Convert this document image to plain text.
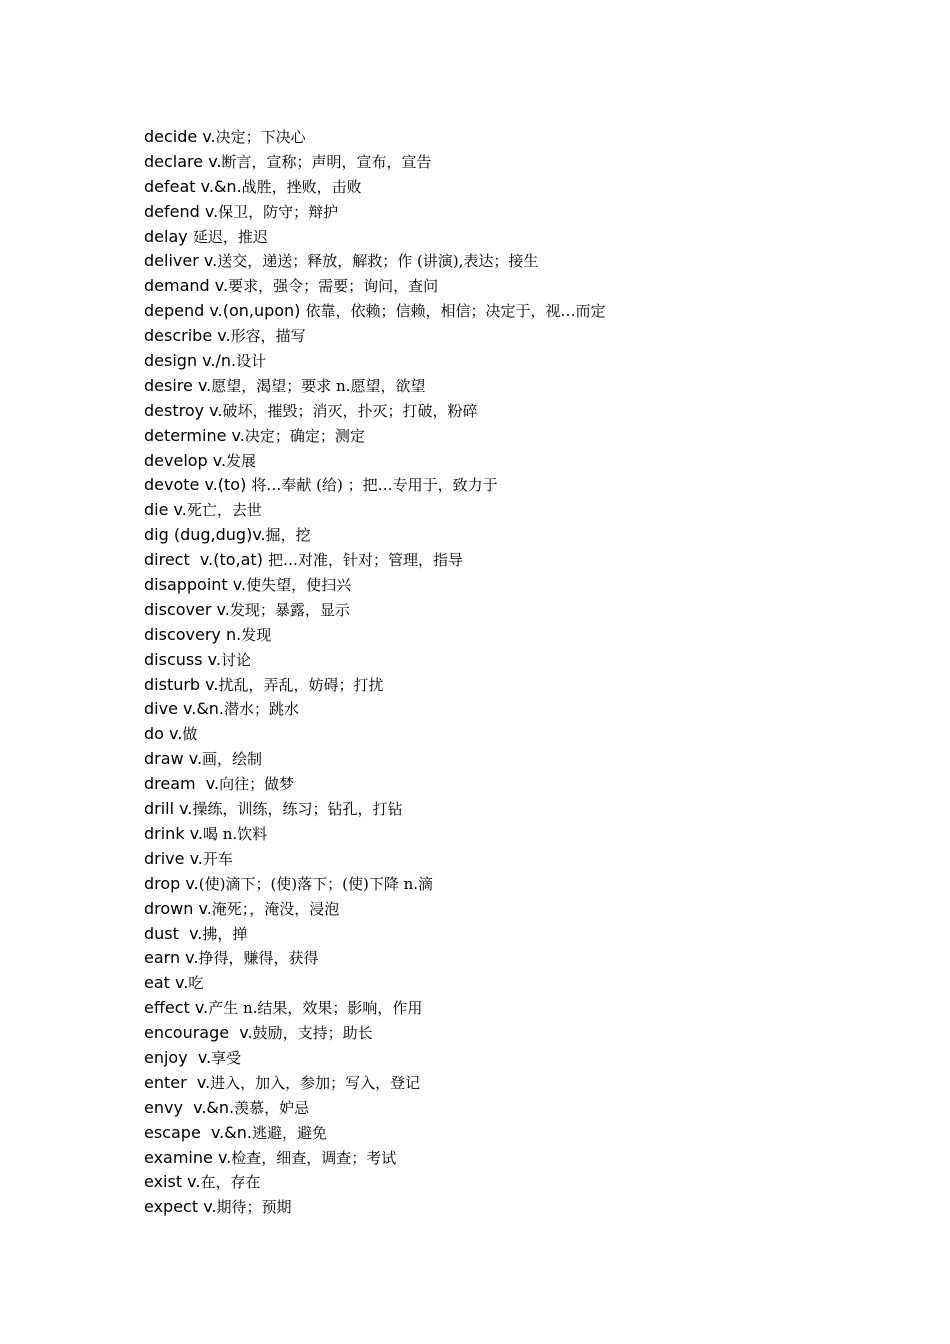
decide v.决定；下决心
declare v.断言，宣称；声明，宣布，宣告
defeat v.&n.战胜，挫败，击败
defend v.保卫，防守；辩护
delay 延迟，推迟
deliver v.送交，递送；释放，解救；作 (讲演),表达；接生
demand v.要求，强令；需要；询问，查问
depend v.(on,upon) 依靠，依赖；信赖，相信；决定于，视…而定
describe v.形容，描写
design v./n.设计
desire v.愿望，渴望；要求 n.愿望，欲望
destroy v.破坏，摧毁；消灭，扑灭；打破，粉碎
determine v.决定；确定；测定
develop v.发展
devote v.(to) 将…奉献 (给) ；把…专用于，致力于
die v.死亡，去世
dig (dug,dug)v.掘，挖
direct  v.(to,at) 把…对准，针对；管理，指导
disappoint v.使失望，使扫兴
discover v.发现；暴露，显示
discovery n.发现
discuss v.讨论
disturb v.扰乱，弄乱，妨碍；打扰
dive v.&n.潜水；跳水
do v.做
draw v.画，绘制
dream  v.向往；做梦
drill v.操练，训练，练习；钻孔，打钻
drink v.喝 n.饮料
drive v.开车
drop v.(使)滴下；(使)落下；(使)下降 n.滴
drown v.淹死；，淹没，浸泡
dust  v.拂，掸
earn v.挣得，赚得，获得
eat v.吃
effect v.产生 n.结果，效果；影响，作用
encourage  v.鼓励，支持；助长
enjoy  v.享受
enter  v.进入，加入，参加；写入，登记
envy  v.&n.羡慕，妒忌
escape  v.&n.逃避，避免
examine v.检查，细查，调查；考试
exist v.在，存在
expect v.期待；预期
